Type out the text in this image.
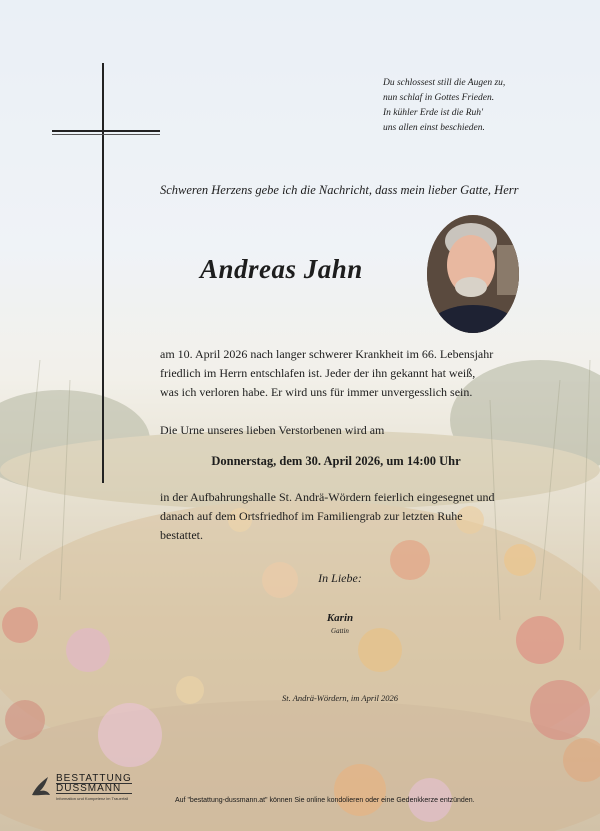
Du schlossest still die Augen zu,
nun schlaf in Gottes Frieden.
In kühler Erde ist die Ruh'
uns allen einst beschieden.
Schweren Herzens gebe ich die Nachricht, dass mein lieber Gatte, Herr
Andreas Jahn
am 10. April 2026 nach langer schwerer Krankheit im 66. Lebensjahr
friedlich im Herrn entschlafen ist. Jeder der ihn gekannt hat weiß,
was ich verloren habe. Er wird uns für immer unvergesslich sein.
Die Urne unseres lieben Verstorbenen wird am
Donnerstag, dem 30. April 2026, um 14:00 Uhr
in der Aufbahrungshalle St. Andrä-Wördern feierlich eingesegnet und
danach auf dem Ortsfriedhof im Familiengrab zur letzten Ruhe
bestattet.
In Liebe:
Karin
Gattin
St. Andrä-Wördern, im April 2026
BESTATTUNG
DUSSMANN
Information und Kompetenz im Trauerfall	Auf "bestattung-dussmann.at" können Sie online kondolieren oder eine Gedenkkerze entzünden.
